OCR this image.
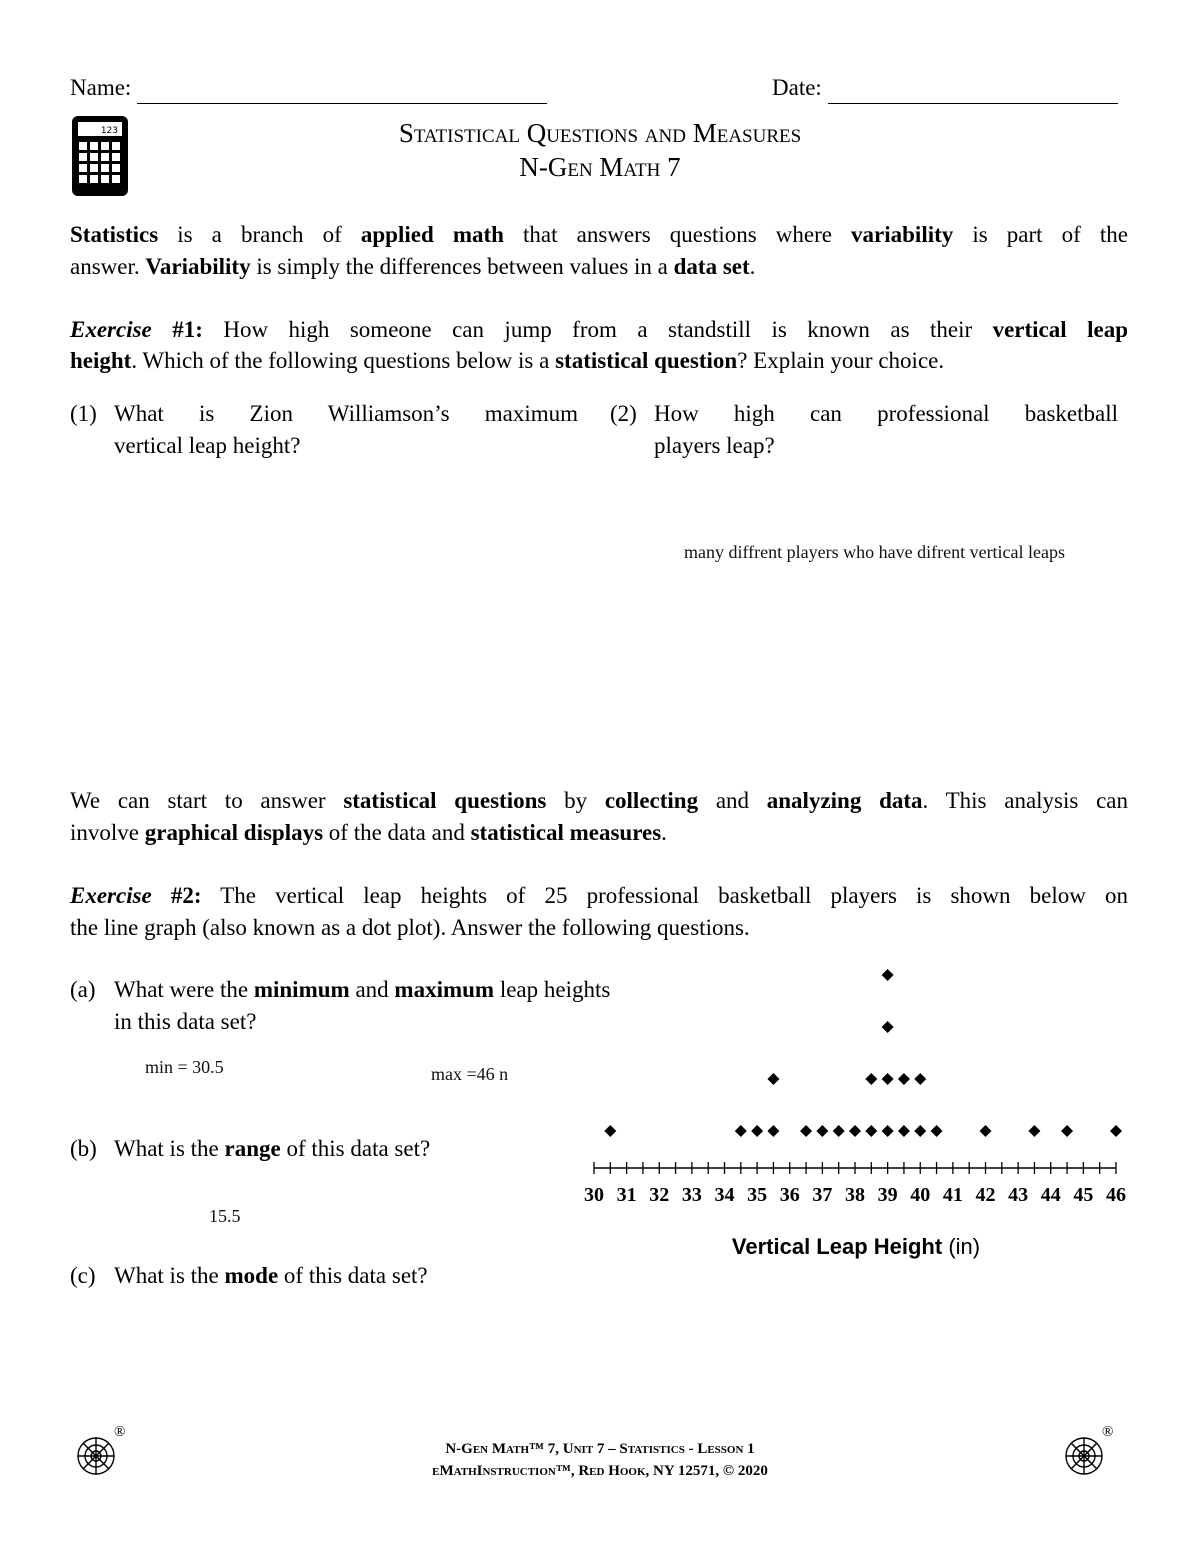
Name:	Date:
123	Statistical Questions and Measures
N-Gen Math 7
Statistics is a branch of applied math that answers questions where variability is part of the
answer. Variability is simply the differences between values in a data set.
Exercise #1: How high someone can jump from a standstill is known as their vertical leap
height. Which of the following questions below is a statistical question? Explain your choice.
(1) What is Zion Williamson’s maximum
vertical leap height?
(2) How high can professional basketball
players leap?
many diffrent players who have difrent vertical leaps
We can start to answer statistical questions by collecting and analyzing data. This analysis can
involve graphical displays of the data and statistical measures.
Exercise #2: The vertical leap heights of 25 professional basketball players is shown below on
the line graph (also known as a dot plot). Answer the following questions.
(a) What were the minimum and maximum leap heights
in this data set?
min = 30.5	max =46 n
(b) What is the range of this data set?
15.5
(c) What is the mode of this data set?
30 31 32 33 34 35 36 37 38 39 40 41 42 43 44 45 46
Vertical Leap Height (in)
®	®
N-Gen Math™ 7, Unit 7 – Statistics - Lesson 1
eMathInstruction™, Red Hook, NY 12571, © 2020
